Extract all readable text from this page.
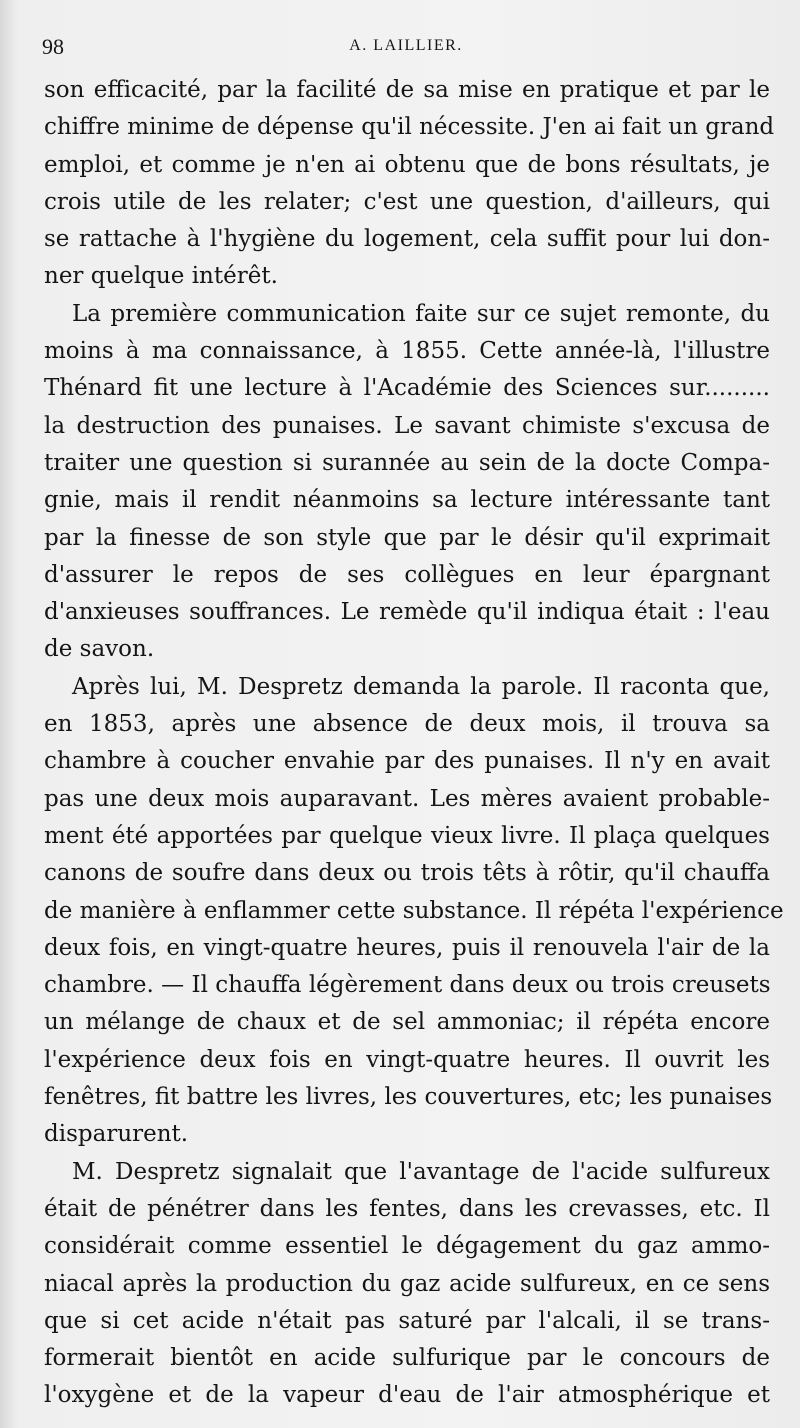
98	A. LAILLIER.

son efficacité, par la facilité de sa mise en pratique et par le
chiffre minime de dépense qu'il nécessite. J'en ai fait un grand
emploi, et comme je n'en ai obtenu que de bons résultats, je
crois utile de les relater; c'est une question, d'ailleurs, qui
se rattache à l'hygiène du logement, cela suffit pour lui don-
ner quelque intérêt.

La première communication faite sur ce sujet remonte, du
moins à ma connaissance, à 1855. Cette année-là, l'illustre
Thénard fit une lecture à l'Académie des Sciences sur.........
la destruction des punaises. Le savant chimiste s'excusa de
traiter une question si surannée au sein de la docte Compa-
gnie, mais il rendit néanmoins sa lecture intéressante tant
par la finesse de son style que par le désir qu'il exprimait
d'assurer le repos de ses collègues en leur épargnant
d'anxieuses souffrances. Le remède qu'il indiqua était : l'eau
de savon.

Après lui, M. Despretz demanda la parole. Il raconta que,
en 1853, après une absence de deux mois, il trouva sa
chambre à coucher envahie par des punaises. Il n'y en avait
pas une deux mois auparavant. Les mères avaient probable-
ment été apportées par quelque vieux livre. Il plaça quelques
canons de soufre dans deux ou trois têts à rôtir, qu'il chauffa
de manière à enflammer cette substance. Il répéta l'expérience
deux fois, en vingt-quatre heures, puis il renouvela l'air de la
chambre. — Il chauffa légèrement dans deux ou trois creusets
un mélange de chaux et de sel ammoniac; il répéta encore
l'expérience deux fois en vingt-quatre heures. Il ouvrit les
fenêtres, fit battre les livres, les couvertures, etc; les punaises
disparurent.

M. Despretz signalait que l'avantage de l'acide sulfureux
était de pénétrer dans les fentes, dans les crevasses, etc. Il
considérait comme essentiel le dégagement du gaz ammo-
niacal après la production du gaz acide sulfureux, en ce sens
que si cet acide n'était pas saturé par l'alcali, il se trans-
formerait bientôt en acide sulfurique par le concours de
l'oxygène et de la vapeur d'eau de l'air atmosphérique et
